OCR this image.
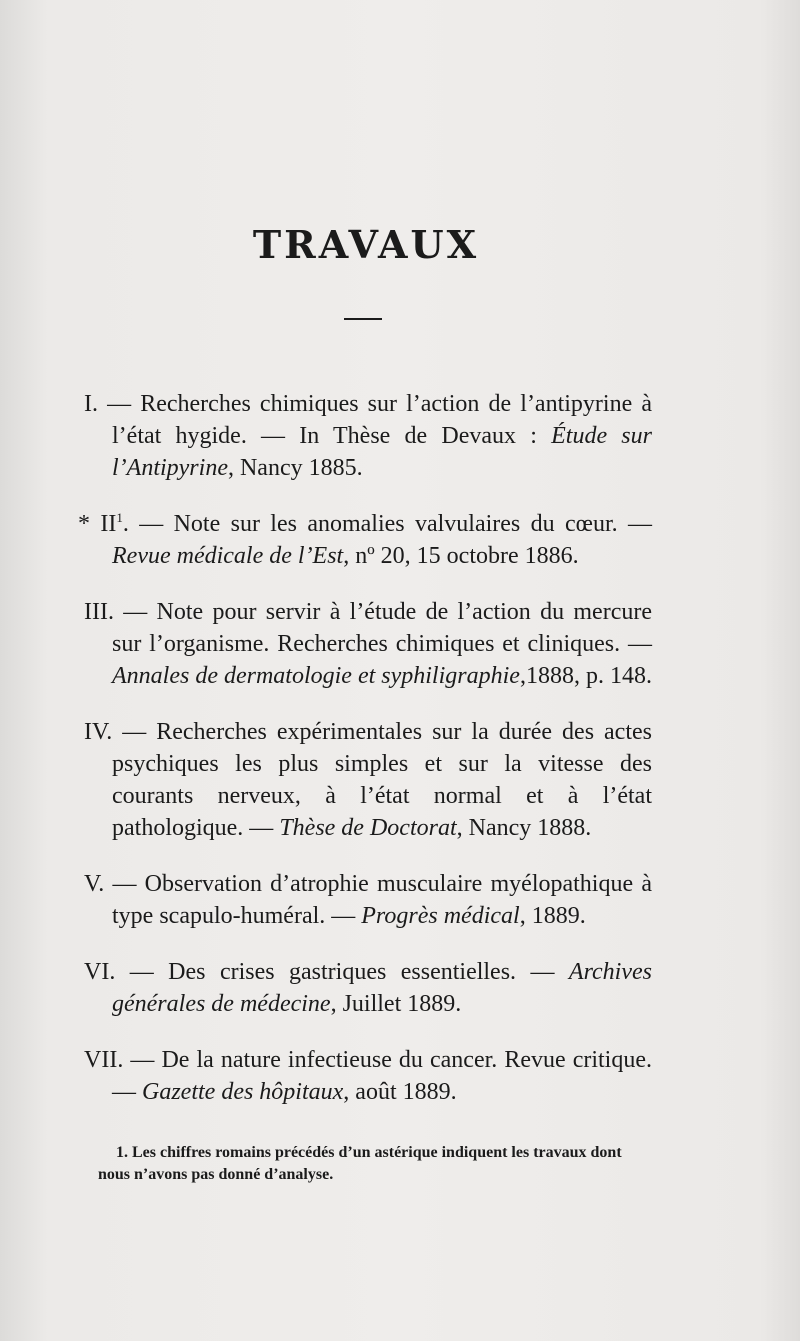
TRAVAUX

I. — Recherches chimiques sur l’action de l’antipyrine à l’état hygide. — In Thèse de Devaux : Étude sur l’Antipyrine, Nancy 1885.

* $II^1$. — Note sur les anomalies valvulaires du cœur. — Revue médicale de l’Est, nº 20, 15 octobre 1886.

III. — Note pour servir à l’étude de l’action du mercure sur l’organisme. Recherches chimiques et cliniques. —Annales de dermatologie et syphiligraphie,1888, p. 148.

IV. — Recherches expérimentales sur la durée des actes psychiques les plus simples et sur la vitesse des courants nerveux, à l’état normal et à l’état pathologique. — Thèse de Doctorat, Nancy 1888.

V. — Observation d’atrophie musculaire myélopathique à type scapulo-huméral. — Progrès médical, 1889.

VI. — Des crises gastriques essentielles. — Archives générales de médecine, Juillet 1889.

VII. — De la nature infectieuse du cancer. Revue critique. — Gazette des hôpitaux, août 1889.

1. Les chiffres romains précédés d’un astérique indiquent les travaux dont nous n’avons pas donné d’analyse.
